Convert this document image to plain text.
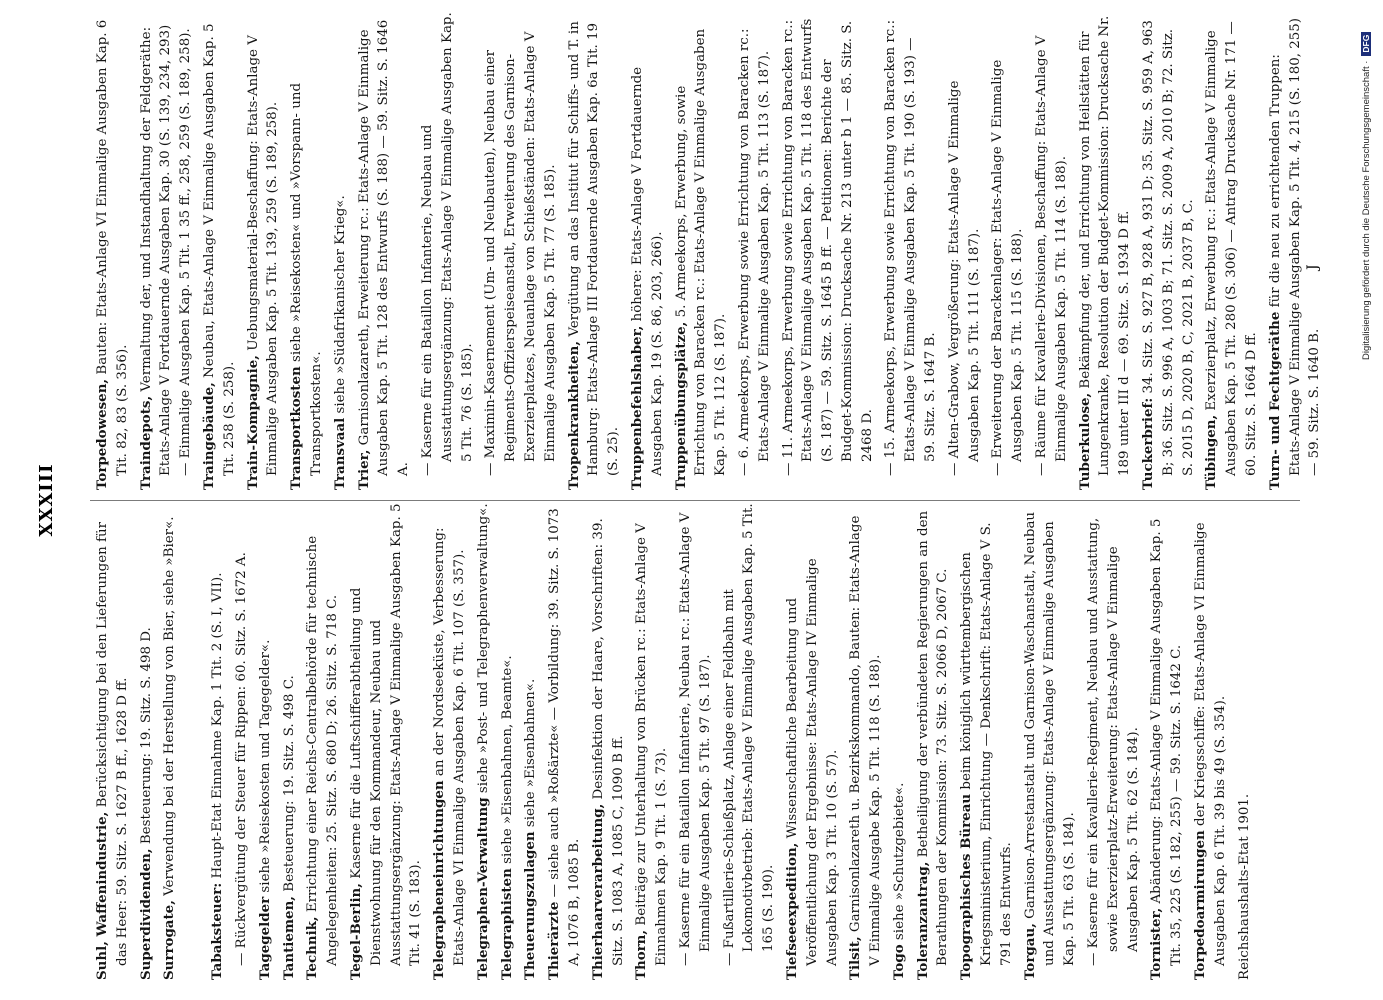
XXXIII

Suhl, Waffenindustrie, Berücksichtigung bei den Lieferungen für das Heer: 59. Sitz. S. 1627 B ff., 1628 D ff. Superdividenden, Besteuerung: 19. Sitz. S. 498 D.

Surrogate, Verwendung bei der Herstellung von Bier, siehe »Bier«.

Tabaksteuer: Haupt-Etat Einnahme Kap. 1 Tit. 2 (S. I, VII). — Rückvergütung der Steuer für Rippen: 60. Sitz. S. 1672 A. Tagegelder siehe »Reisekosten und Tagegelder«.

Tantiemen, Besteuerung: 19. Sitz. S. 498 C.

Technik, Errichtung einer Reichs-Centralbehörde für technische Angelegenheiten: 25. Sitz. S. 680 D; 26. Sitz. S. 718 C. Tegel-Berlin, Kaserne für die Luftschifferabtheilung und Dienstwohnung für den Kommandeur, Neubau und Ausstattungsergänzung: Etats-Anlage V Einmalige Ausgaben Kap. 5 Tit. 41 (S. 183). Telegrapheneinrichtungen an der Nordseeküste, Verbesserung: Etats-Anlage VI Einmalige Ausgaben Kap. 6 Tit. 107 (S. 357). Telegraphen-Verwaltung siehe »Post- und Telegraphenverwaltung«.

Telegraphisten siehe »Eisenbahnen, Beamte«.

Theuerungszulagen siehe »Eisenbahnen«.

Thierärzte — siehe auch »Roßärzte« — Vorbildung: 39. Sitz. S. 1073 A, 1076 B, 1085 B. Thierhaarverarbeitung, Desinfektion der Haare, Vorschriften: 39. Sitz. S. 1083 A, 1085 C, 1090 B ff. Thorn, Beiträge zur Unterhaltung von Brücken rc.: Etats-Anlage V Einnahmen Kap. 9 Tit. 1 (S. 73). — Kaserne für ein Bataillon Infanterie, Neubau rc.: Etats-Anlage V Einmalige Ausgaben Kap. 5 Tit. 97 (S. 187). — Fußartillerie-Schießplatz, Anlage einer Feldbahn mit Lokomotivbetrieb: Etats-Anlage V Einmalige Ausgaben Kap. 5 Tit. 165 (S. 190). Tiefseeexpedition, Wissenschaftliche Bearbeitung und Veröffentlichung der Ergebnisse: Etats-Anlage IV Einmalige Ausgaben Kap. 3 Tit. 10 (S. 57). Tilsit, Garnisonlazareth u. Bezirkskommando, Bauten: Etats-Anlage V Einmalige Ausgabe Kap. 5 Tit. 118 (S. 188). Togo siehe »Schutzgebiete«. Toleranzantrag, Betheiligung der verbündeten Regierungen an den Berathungen der Kommission: 73. Sitz. S. 2066 D, 2067 C. Topographisches Büreau beim königlich württembergischen Kriegsministerium, Einrichtung — Denkschrift: Etats-Anlage V S. 791 des Entwurfs. Torgau, Garnison-Arrestanstalt und Garnison-Waschanstalt, Neubau und Ausstattungsergänzung: Etats-Anlage V Einmalige Ausgaben Kap. 5 Tit. 63 (S. 184). — Kaserne für ein Kavallerie-Regiment, Neubau und Ausstattung, sowie Exerzierplatz-Erweiterung: Etats-Anlage V Einmalige Ausgaben Kap. 5 Tit. 62 (S. 184). Tornister, Abänderung: Etats-Anlage V Einmalige Ausgaben Kap. 5 Tit. 35, 225 (S. 182, 255) — 59. Sitz. S. 1642 C. Torpedoarmirungen der Kriegsschiffe: Etats-Anlage VI Einmalige Ausgaben Kap. 6 Tit. 39 bis 49 (S. 354). Reichshaushalts-Etat 1901.

Torpedowesen, Bauten: Etats-Anlage VI Einmalige Ausgaben Kap. 6 Tit. 82, 83 (S. 356). Traindepots, Vermaltung der, und Instandhaltung der Feldgeräthe: Etats-Anlage V Fortdauernde Ausgaben Kap. 30 (S. 139, 234, 293) — Einmalige Ausgaben Kap. 5 Tit. 1 35 ff., 258, 259 (S. 189, 258). Traingebäude, Neubau, Etats-Anlage V Einmalige Ausgaben Kap. 5 Tit. 258 (S. 258). Train-Kompagnie, Uebungsmaterial-Beschaffung: Etats-Anlage V Einmalige Ausgaben Kap. 5 Tit. 139, 259 (S. 189, 258). Transportkosten siehe »Reisekosten« und »Vorspann- und Transportkosten«. Transvaal siehe »Südafrikanischer Krieg«.

Trier, Garnisonlazareth, Erweiterung rc.: Etats-Anlage V Einmalige Ausgaben Kap. 5 Tit. 128 des Entwurfs (S. 188) — 59. Sitz. S. 1646 A.

— Kaserne für ein Bataillon Infanterie, Neubau und Ausstattungsergänzung: Etats-Anlage V Einmalige Ausgaben Kap. 5 Tit. 76 (S. 185). — Maximin-Kasernement (Um- und Neubauten), Neubau einer Regiments-Offizierspeiseanstalt, Erweiterung des Garnison-Exerzierplatzes, Neuanlage von Schießständen: Etats-Anlage V Einmalige Ausgaben Kap. 5 Tit. 77 (S. 185). Tropenkrankheiten, Vergütung an das Institut für Schiffs- und T. in Hamburg: Etats-Anlage III Fortdauernde Ausgaben Kap. 6a Tit. 19 (S. 25). Truppenbefehlshaber, höhere: Etats-Anlage V Fortdauernde Ausgaben Kap. 19 (S. 86, 203, 266). Truppenübungsplätze, 5. Armeekorps, Erwerbung, sowie Errichtung von Baracken rc.: Etats-Anlage V Einmalige Ausgaben Kap. 5 Tit. 112 (S. 187). — 6. Armeekorps, Erwerbung sowie Errichtung von Baracken rc.: Etats-Anlage V Einmalige Ausgaben Kap. 5 Tit. 113 (S. 187). — 11. Armeekorps, Erwerbung sowie Errichtung von Baracken rc.: Etats-Anlage V Einmalige Ausgaben Kap. 5 Tit. 118 des Entwurfs (S. 187) — 59. Sitz. S. 1645 B ff. — Petitionen: Berichte der Budget-Kommission: Drucksache Nr. 213 unter b 1 — 85. Sitz. S. 2468 D. — 15. Armeekorps, Erwerbung sowie Errichtung von Baracken rc.: Etats-Anlage V Einmalige Ausgaben Kap. 5 Tit. 190 (S. 193) — 59. Sitz. S. 1647 B. — Alten-Grabow, Vergrößerung: Etats-Anlage V Einmalige Ausgaben Kap. 5 Tit. 111 (S. 187). — Erweiterung der Barackenlager: Etats-Anlage V Einmalige Ausgaben Kap. 5 Tit. 115 (S. 188). — Räume für Kavallerie-Divisionen, Beschaffung: Etats-Anlage V Einmalige Ausgaben Kap. 5 Tit. 114 (S. 188). Tuberkulose, Bekämpfung der, und Errichtung von Heilstätten für Lungenkranke, Resolution der Budget-Kommission: Drucksache Nr. 189 unter III d — 69. Sitz. S. 1934 D ff. Tuckerbrief: 34. Sitz. S. 927 B, 928 A, 931 D; 35. Sitz. S. 959 A, 963 B; 36. Sitz. S. 996 A, 1003 B; 71. Sitz. S. 2009 A, 2010 B; 72. Sitz. S. 2015 D, 2020 B, C, 2021 B, 2037 B, C. Tübingen, Exerzierplatz, Erwerbung rc.: Etats-Anlage V Einmalige Ausgaben Kap. 5 Tit. 280 (S. 306) — Antrag Drucksache Nr. 171 — 60. Sitz. S. 1664 D ff. Turn- und Fechtgeräthe für die neu zu errichtenden Truppen: Etats-Anlage V Einmalige Ausgaben Kap. 5 Tit. 4, 215 (S. 180, 255) — 59. Sitz. S. 1640 B.

J	Digitalisierung gefördert durch die Deutsche Forschungsgemeinschaft ·DFG
